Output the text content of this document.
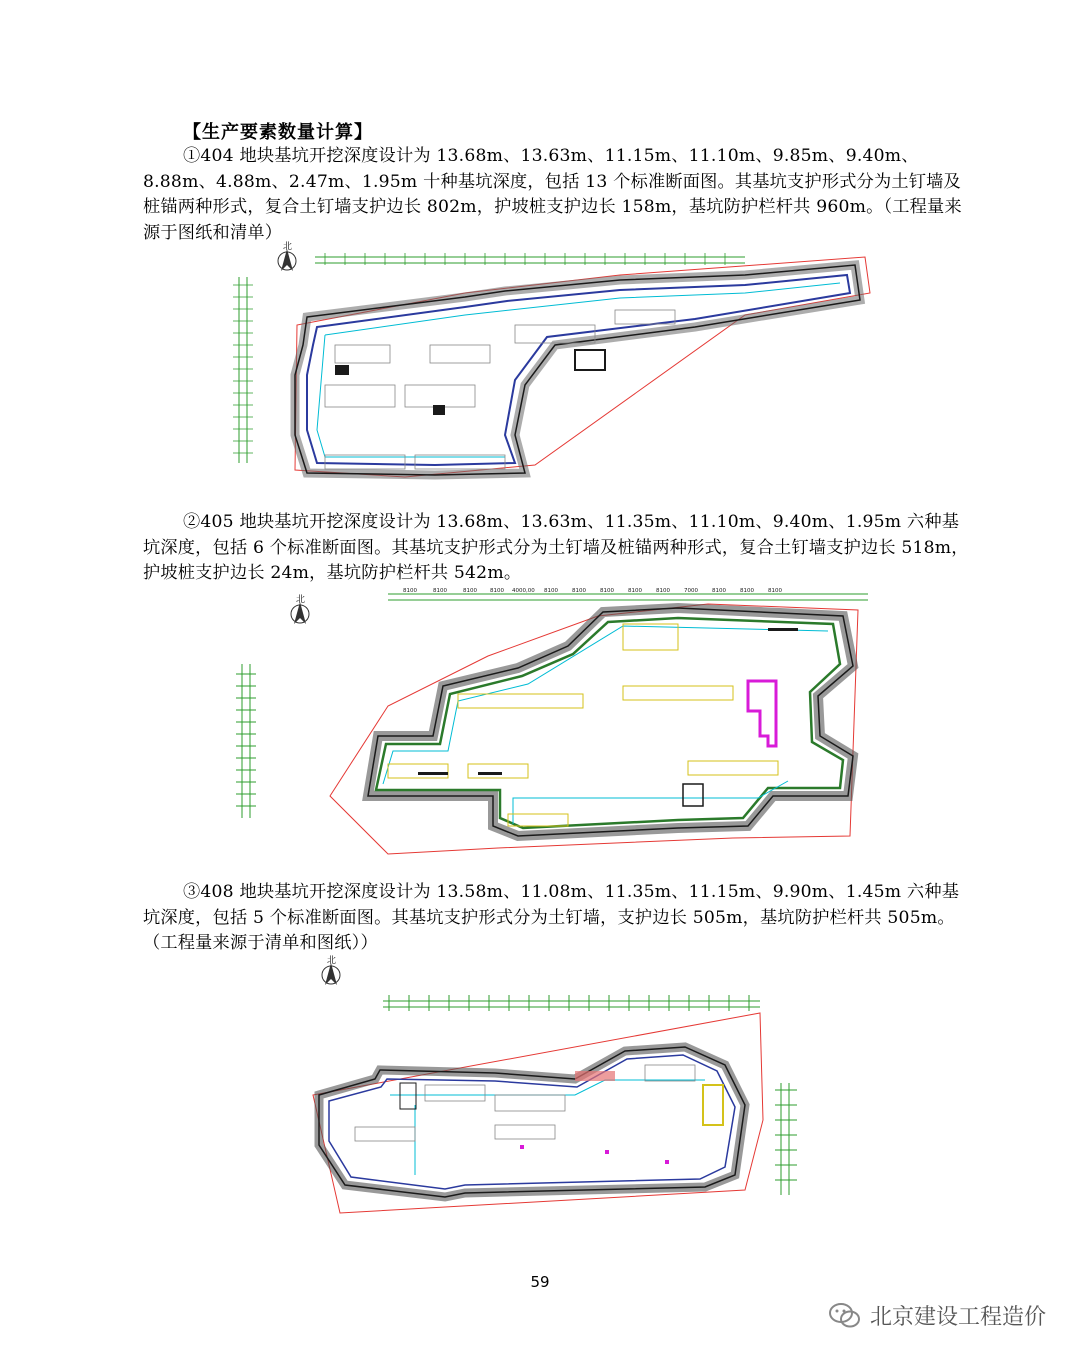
【生产要素数量计算】

①404 地块基坑开挖深度设计为 13.68m、13.63m、11.15m、11.10m、9.85m、9.40m、8.88m、4.88m、2.47m、1.95m 十种基坑深度，包括 13 个标准断面图。其基坑支护形式分为土钉墙及桩锚两种形式，复合土钉墙支护边长 802m，护坡桩支护边长 158m，基坑防护栏杆共 960m。（工程量来源于图纸和清单）

北

②405 地块基坑开挖深度设计为 13.68m、13.63m、11.35m、11.10m、9.40m、1.95m 六种基坑深度，包括 6 个标准断面图。其基坑支护形式分为土钉墙及桩锚两种形式，复合土钉墙支护边长 518m，护坡桩支护边长 24m，基坑防护栏杆共 542m。

北
8100	8100	8100 8100 4000,00 8100	8100	8100	8100	8100	7000	8100	8100	8100

③408 地块基坑开挖深度设计为 13.58m、11.08m、11.35m、11.15m、9.90m、1.45m 六种基坑深度，包括 5 个标准断面图。其基坑支护形式分为土钉墙，支护边长 505m，基坑防护栏杆共 505m。（工程量来源于清单和图纸））

北
59
北京建设工程造价
